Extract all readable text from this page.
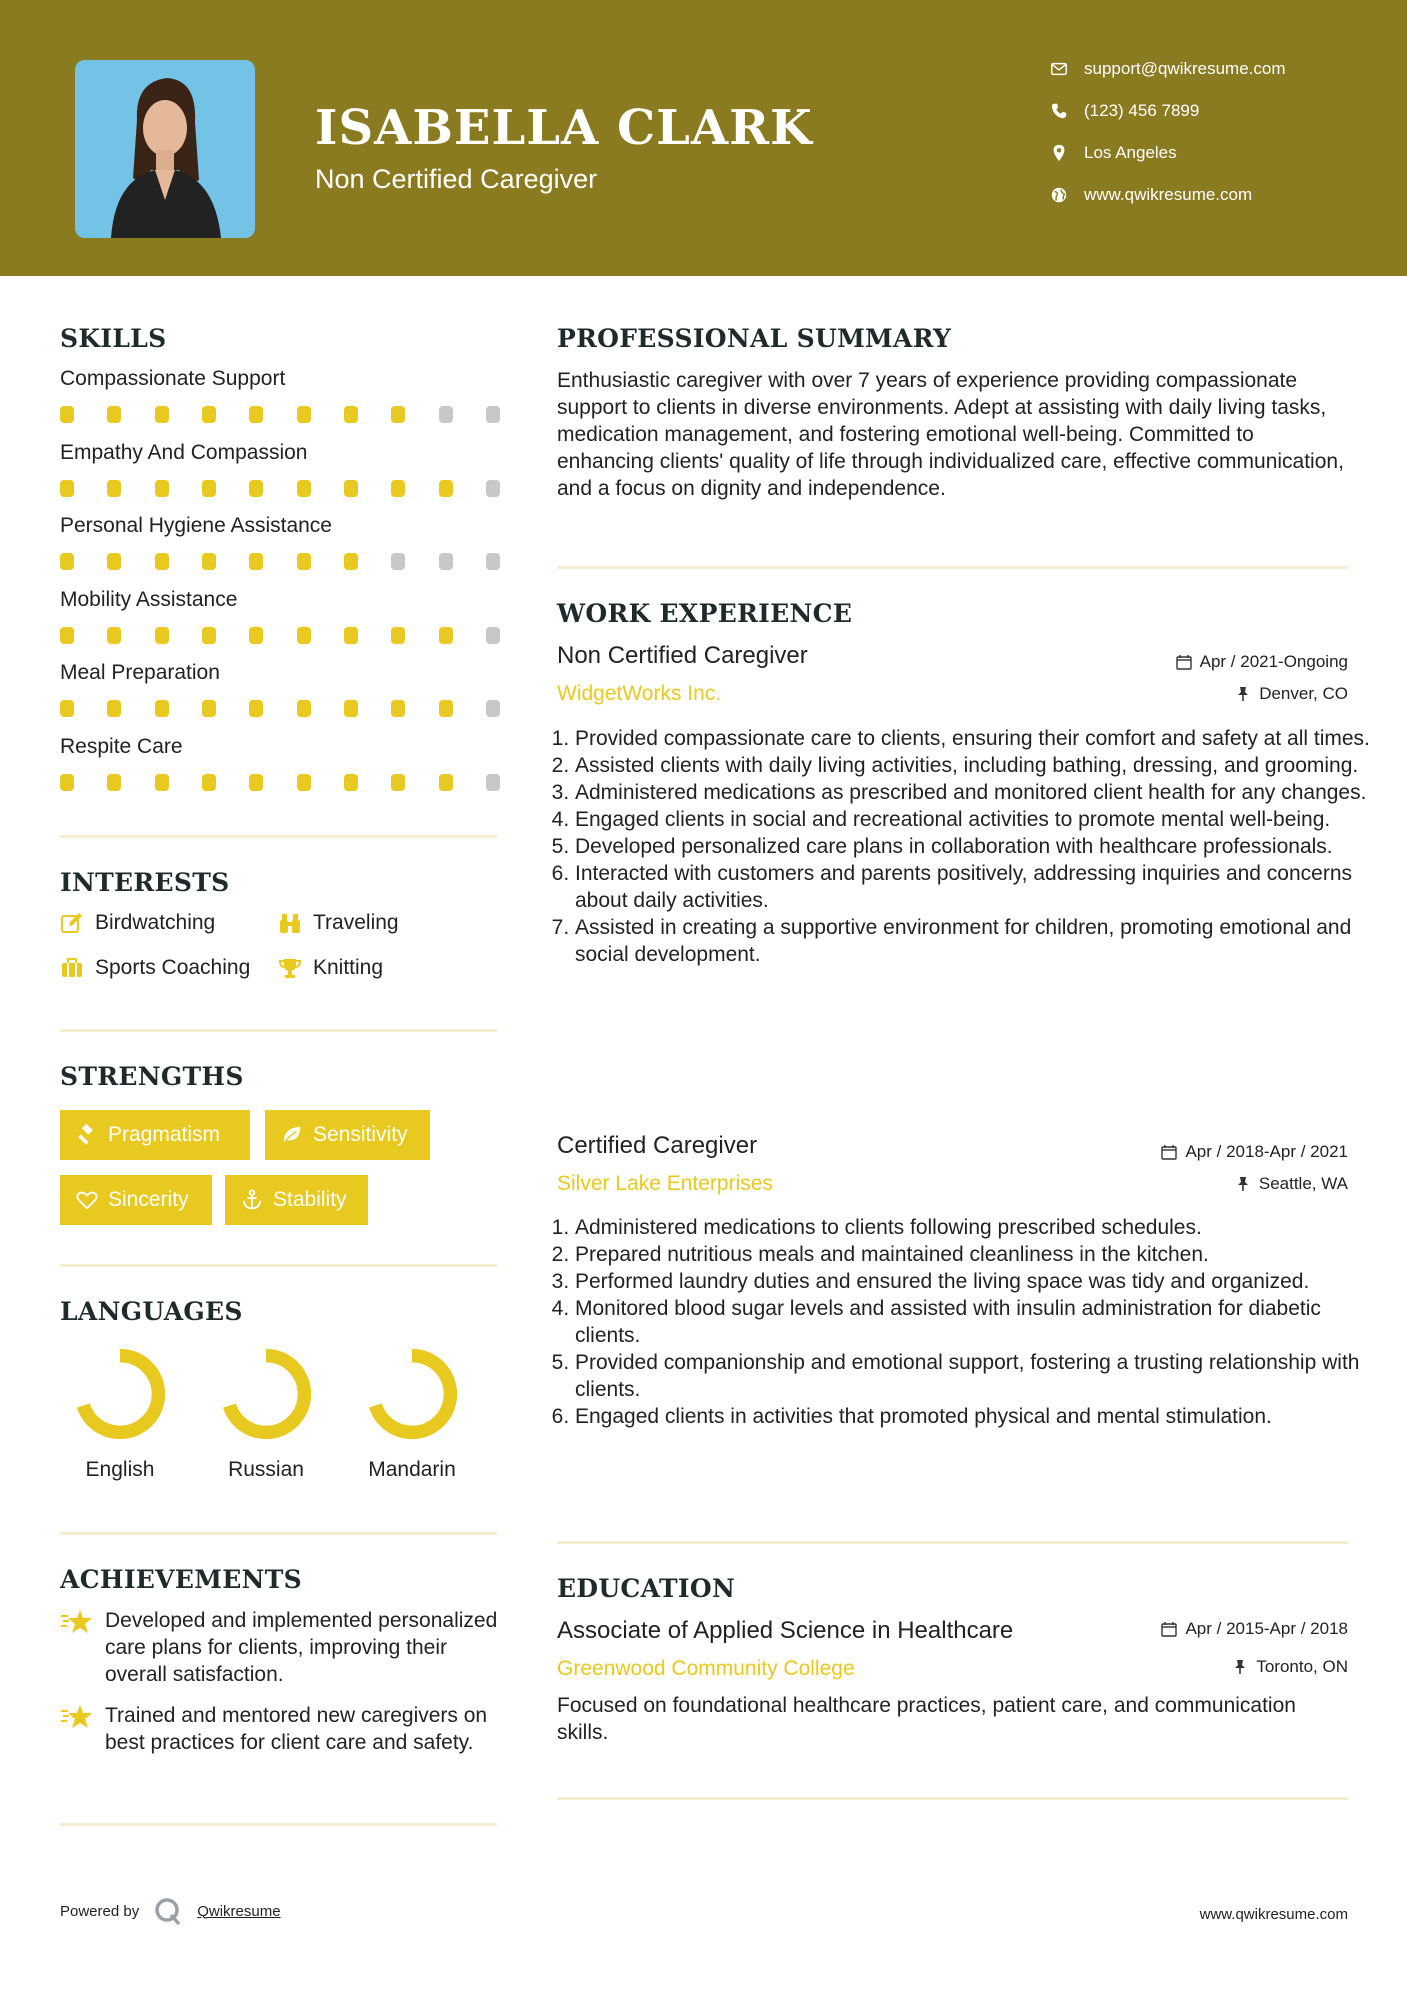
ISABELLA CLARK
Non Certified Caregiver
support@qwikresume.com
(123) 456 7899
Los Angeles
www.qwikresume.com
SKILLS
Compassionate Support
Empathy And Compassion
Personal Hygiene Assistance
Mobility Assistance
Meal Preparation
Respite Care
INTERESTS
Birdwatching	Traveling
Sports Coaching	Knitting
STRENGTHS
Pragmatism	Sensitivity
Sincerity	Stability
LANGUAGES
English	Russian	Mandarin
ACHIEVEMENTS
Developed and implemented personalized care plans for clients, improving their overall satisfaction.
Trained and mentored new caregivers on best practices for client care and safety.
PROFESSIONAL SUMMARY
Enthusiastic caregiver with over 7 years of experience providing compassionate support to clients in diverse environments. Adept at assisting with daily living tasks, medication management, and fostering emotional well-being. Committed to enhancing clients' quality of life through individualized care, effective communication, and a focus on dignity and independence.
WORK EXPERIENCE
Non Certified Caregiver	Apr / 2021-Ongoing
WidgetWorks Inc.	Denver, CO
1. Provided compassionate care to clients, ensuring their comfort and safety at all times.
2. Assisted clients with daily living activities, including bathing, dressing, and grooming.
3. Administered medications as prescribed and monitored client health for any changes.
4. Engaged clients in social and recreational activities to promote mental well-being.
5. Developed personalized care plans in collaboration with healthcare professionals.
6. Interacted with customers and parents positively, addressing inquiries and concerns about daily activities.
7. Assisted in creating a supportive environment for children, promoting emotional and social development.
Certified Caregiver	Apr / 2018-Apr / 2021
Silver Lake Enterprises	Seattle, WA
1. Administered medications to clients following prescribed schedules.
2. Prepared nutritious meals and maintained cleanliness in the kitchen.
3. Performed laundry duties and ensured the living space was tidy and organized.
4. Monitored blood sugar levels and assisted with insulin administration for diabetic clients.
5. Provided companionship and emotional support, fostering a trusting relationship with clients.
6. Engaged clients in activities that promoted physical and mental stimulation.
EDUCATION
Associate of Applied Science in Healthcare	Apr / 2015-Apr / 2018
Greenwood Community College	Toronto, ON
Focused on foundational healthcare practices, patient care, and communication skills.
Powered by	Qwikresume	www.qwikresume.com
